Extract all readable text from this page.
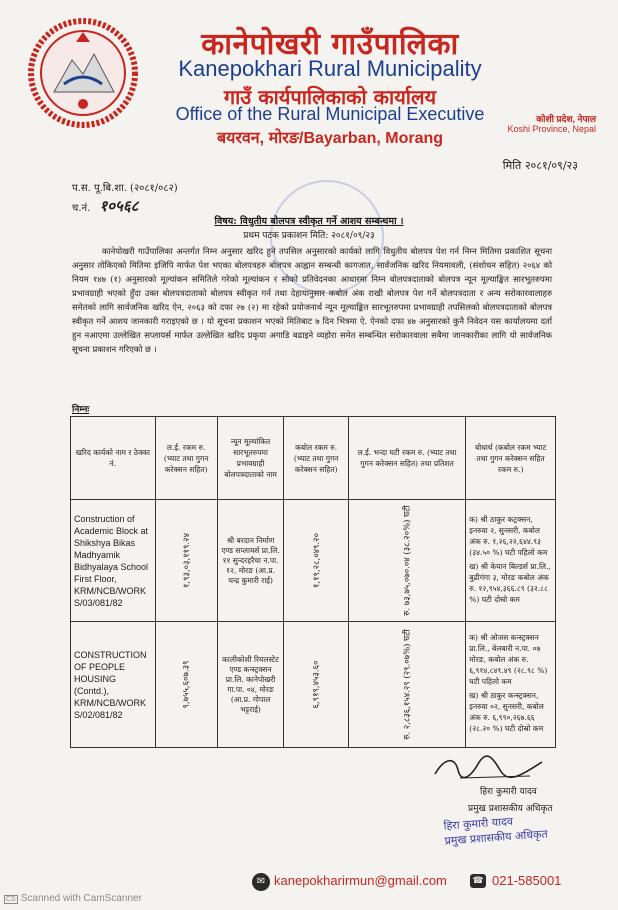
कानेपोखरी गाउँपालिका
Kanepokhari Rural Municipality
गाउँ कार्यपालिकाको कार्यालय
Office of the Rural Municipal Executive
बयरवन, मोरङ/Bayarban, Morang
कोशी प्रदेश, नेपाल
Koshi Province, Nepal
मिति २०८१/०९/२३
प.स. पू.बि.शा. (२०८१/०८२)
च.नं. १०५६८
विषय: विधुतीय बोलपत्र स्वीकृत गर्ने आशय सम्बन्धमा ।
प्रथम पटक प्रकाशन मिति: २०८१/०९/२३
कानेपोखरी गाउँपालिका अन्तर्गत निम्न अनुसार खरिद हुने तपसिल अनुसारको कार्यको लागि विधुतीय बोलपत्र पेश गर्न निम्न मितिमा प्रकाशित सूचना अनुसार तोकिएको मितिमा इजिपि मार्फत पेश भएका बोलपत्रहरु बोलपत्र आह्वान सम्बन्धी कागजात, सार्वजनिक खरिद नियमावली, (संशोधन सहित) २०६४ को नियम १४७ (१) अनुसारको मूल्यांकन समितिले गरेको मूल्यांकन र सोको प्रतिवेदनका आधारमा निम्न बोलपत्रदाताको बोलपत्र न्यून मूल्याङ्कित सारभूतरुपमा प्रभावग्राही भएको हुँदा उक्त बोलपत्रदाताको बोलपत्र स्वीकृत गर्न तथा देहायानुसार कबोल अंक राखी बोलपत्र पेश गर्ने बोलपत्रदाता र अन्य सरोकारवालाहरु समेतको लागि सार्वजनिक खरिद ऐन, २०६३ को दफा २७ (२) मा रहेको प्रयोजनार्थ न्यून मूल्याङ्कित सारभूतरुपमा प्रभावग्राही तपसिलको बोलपत्रदाताको बोलपत्र स्वीकृत गर्ने आशय जानकारी गराइएको छ । यो सूचना प्रकाशन भएको मितिबाट ७ दिन भित्रमा ऐ. ऐनको दफा ४७ अनुसारको कुनै निवेदन यस कार्यालयमा दर्ता हुन नआएमा उल्लेखित सप्लायर्स मार्फत उल्लेखित खरिद प्रकृया अगाडि बढाइने व्यहोरा समेत सम्बन्धित सरोकारवाला सबैमा जानकारीका लागि यो सार्वजनिक सूचना प्रकाशन गरिएको छ ।
निम्नः
खरिद कार्यको नाम र ठेक्का नं.	ल.ई. रकम रु. (भ्याट तथा गुगन करेक्सन सहित)	न्यून मूल्यांकित सारभूतरुपमा प्रभावग्राही बोलपत्रदाताको नाम	कबोल रकम रु. (भ्याट तथा गुगन करेक्सन सहित)	ल.ई. भन्दा घटी रकम रु. (भ्याट तथा गुगन करेक्सन सहित) तथा प्रतिशत	बोधार्थ (कबोल रकम भ्याट तथा गुगन करेक्सन सहित रकम रु.)
Construction of Academic Block at Shikshya Bikas Madhyamik Bidhyalaya School First Floor, KRM/NCB/WORK S/03/081/82	१,९३,०३,११९.२४	श्री बरदान निर्माण एण्ड सप्लायर्स प्रा.लि. ११ सुन्दरहरैचा न.पा. १२, मोरङ (आ.प्र. चन्द्र कुमारी राई)	१,१९,२८,०४९.२०	रु. ७३,७५,०७०.०४ (३८.२०%) घटी	क) श्री ठाकुर कट्रक्सन, इनरुवा २, सुनसरी, कबोल अंक रु. १,२६,२२,६४४.९३ (३४.५० %) घटी पहिलो कम
ख) श्री केयान बिल्डर्स प्रा.लि., बुढीगंगा ३, मोरङ कबोल अंक रु. १२,९५४,३६६.८९ (३२.८८ %) घटी दोस्रो कम

CONSTRUCTION OF PEOPLE HOUSING (Contd.), KRM/NCB/WORK S/02/081/82	९,७५५,६०७.३९	कालीकोशी रियलस्टेट एण्ड कन्स्ट्रक्सन प्रा.लि. कानेपोखरी गा.पा. ०४, मोरङ (आ.प्र. गोपाल भट्टराई)	६,९१९,४५३.६०	रु. २,८३६,१५४.२९ (२९.०७%) घटी	क) श्री ओजस कन्स्ट्रक्सन प्रा.लि., बेलबारी न.पा. ०७ मोरङ, कबोल अंक रु. ६,९१४,८४९.४९ (२८.९८ %) घटी पहिलो कम
ख) श्री ठाकुर कन्स्ट्रक्सन, इनरुवा ०२, सुनसरी, कबोल अंक रु. ६,९९०,२६७.६६ (२८.२० %) घटी दोस्रो कम
हिरा कुमारी यादव
प्रमुख प्रशासकीय अधिकृत
हिरा कुमारी यादव
प्रमुख प्रशासकीय अधिकृत
✉ kanepokharirmun@gmail.com	☎ 021-585001
CS Scanned with CamScanner
